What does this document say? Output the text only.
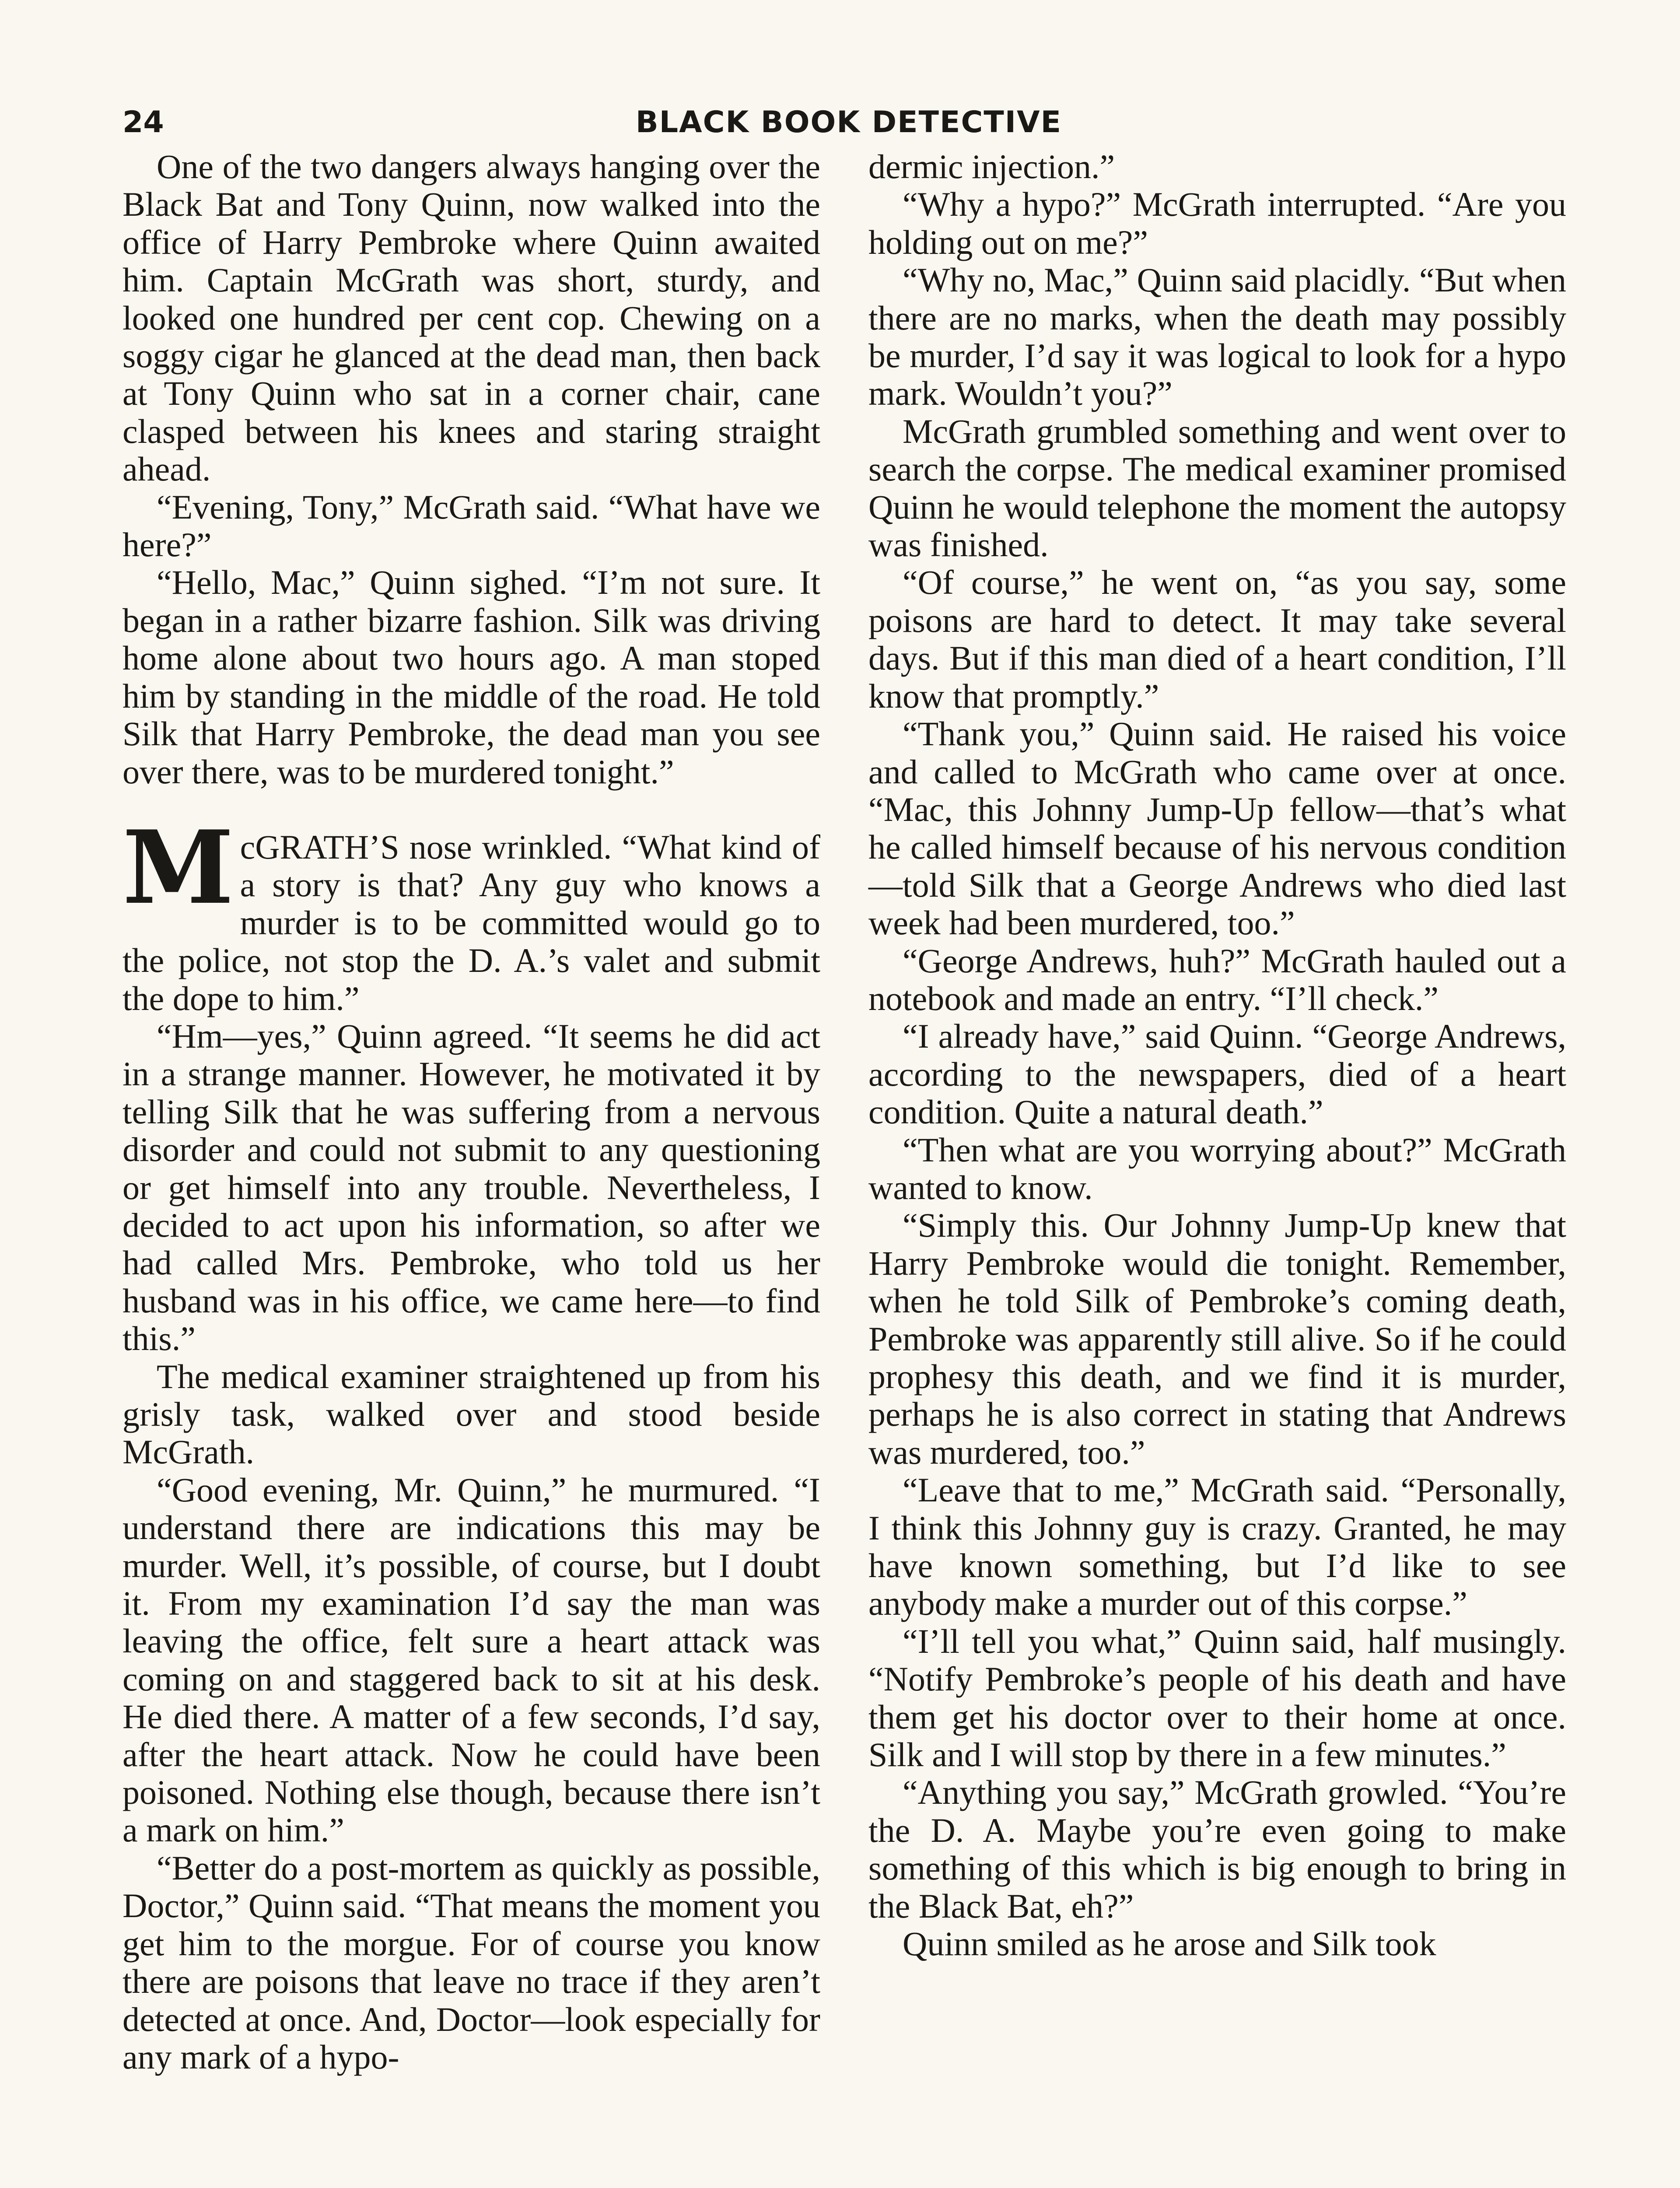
24	BLACK BOOK DETECTIVE

One of the two dangers always hanging over the Black Bat and Tony Quinn, now walked into the office of Harry Pembroke where Quinn awaited him. Captain McGrath was short, sturdy, and looked one hundred per cent cop. Chewing on a soggy cigar he glanced at the dead man, then back at Tony Quinn who sat in a corner chair, cane clasped between his knees and staring straight ahead.

“Evening, Tony,” McGrath said. “What have we here?”

“Hello, Mac,” Quinn sighed. “I’m not sure. It began in a rather bizarre fashion. Silk was driving home alone about two hours ago. A man stoped him by standing in the middle of the road. He told Silk that Harry Pembroke, the dead man you see over there, was to be murdered tonight.”

McGRATH’S nose wrinkled. “What kind of a story is that? Any guy who knows a murder is to be committed would go to the police, not stop the D. A.’s valet and submit the dope to him.”

“Hm—yes,” Quinn agreed. “It seems he did act in a strange manner. However, he motivated it by telling Silk that he was suffering from a nervous disorder and could not submit to any questioning or get himself into any trouble. Nevertheless, I decided to act upon his information, so after we had called Mrs. Pembroke, who told us her husband was in his office, we came here—to find this.”

The medical examiner straightened up from his grisly task, walked over and stood beside McGrath.

“Good evening, Mr. Quinn,” he murmured. “I understand there are indications this may be murder. Well, it’s possible, of course, but I doubt it. From my examination I’d say the man was leaving the office, felt sure a heart attack was coming on and staggered back to sit at his desk. He died there. A matter of a few seconds, I’d say, after the heart attack. Now he could have been poisoned. Nothing else though, because there isn’t a mark on him.”

“Better do a post-mortem as quickly as possible, Doctor,” Quinn said. “That means the moment you get him to the morgue. For of course you know there are poisons that leave no trace if they aren’t detected at once. And, Doctor—look especially for any mark of a hypo-

dermic injection.”

“Why a hypo?” McGrath interrupted. “Are you holding out on me?”

“Why no, Mac,” Quinn said placidly. “But when there are no marks, when the death may possibly be murder, I’d say it was logical to look for a hypo mark. Wouldn’t you?”

McGrath grumbled something and went over to search the corpse. The medical examiner promised Quinn he would telephone the moment the autopsy was finished.

“Of course,” he went on, “as you say, some poisons are hard to detect. It may take several days. But if this man died of a heart condition, I’ll know that promptly.”

“Thank you,” Quinn said. He raised his voice and called to McGrath who came over at once. “Mac, this Johnny Jump-Up fellow—that’s what he called himself because of his nervous condition—told Silk that a George Andrews who died last week had been murdered, too.”

“George Andrews, huh?” McGrath hauled out a notebook and made an entry. “I’ll check.”

“I already have,” said Quinn. “George Andrews, according to the newspapers, died of a heart condition. Quite a natural death.”

“Then what are you worrying about?” McGrath wanted to know.

“Simply this. Our Johnny Jump-Up knew that Harry Pembroke would die tonight. Remember, when he told Silk of Pembroke’s coming death, Pembroke was apparently still alive. So if he could prophesy this death, and we find it is murder, perhaps he is also correct in stating that Andrews was murdered, too.”

“Leave that to me,” McGrath said. “Personally, I think this Johnny guy is crazy. Granted, he may have known something, but I’d like to see anybody make a murder out of this corpse.”

“I’ll tell you what,” Quinn said, half musingly. “Notify Pembroke’s people of his death and have them get his doctor over to their home at once. Silk and I will stop by there in a few minutes.”

“Anything you say,” McGrath growled. “You’re the D. A. Maybe you’re even going to make something of this which is big enough to bring in the Black Bat, eh?”

Quinn smiled as he arose and Silk took
